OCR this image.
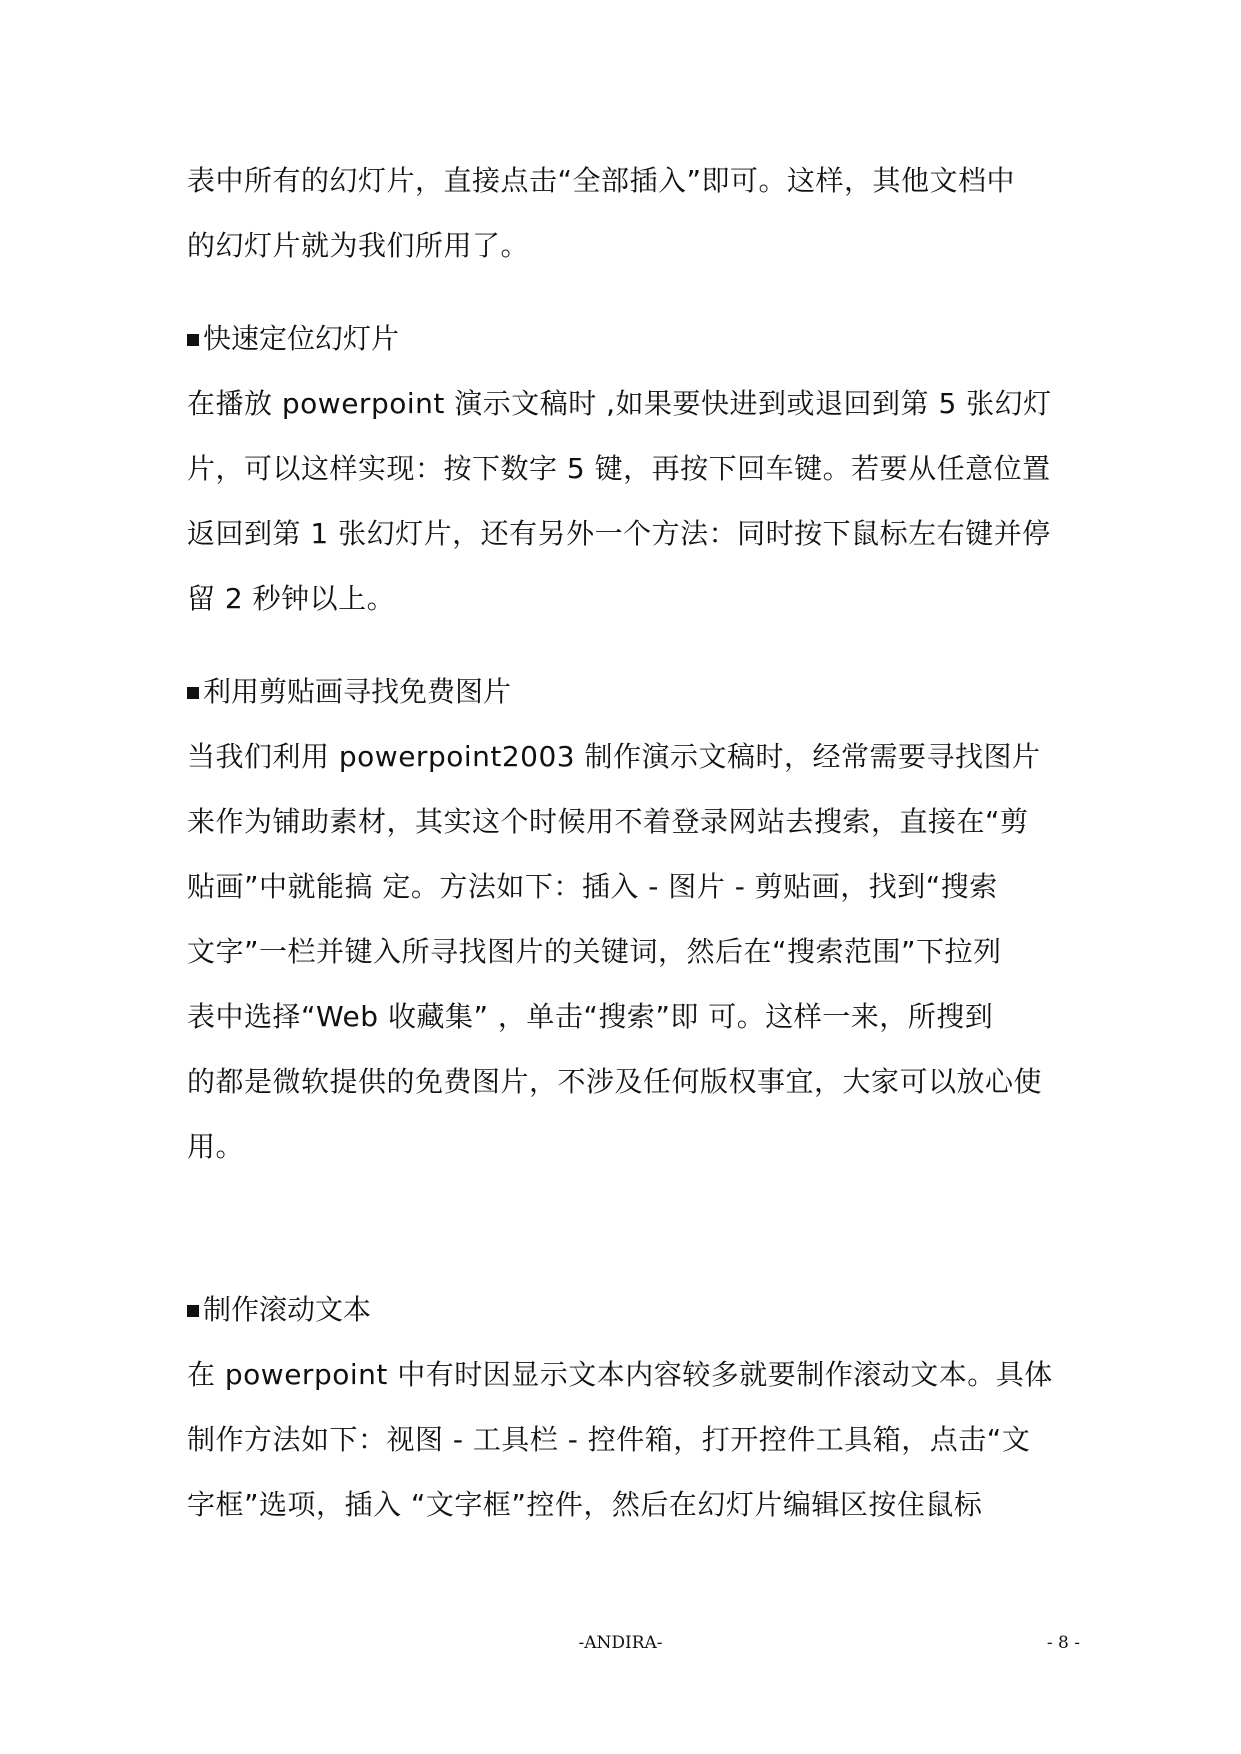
表中所有的幻灯片，直接点击“全部插入”即可。这样，其他文档中
的幻灯片就为我们所用了。
快速定位幻灯片
在播放 powerpoint 演示文稿时 ,如果要快进到或退回到第 5 张幻灯
片，可以这样实现：按下数字 5 键，再按下回车键。若要从任意位置
返回到第 1 张幻灯片，还有另外一个方法：同时按下鼠标左右键并停
留 2 秒钟以上。
利用剪贴画寻找免费图片
当我们利用 powerpoint2003 制作演示文稿时，经常需要寻找图片
来作为铺助素材，其实这个时候用不着登录网站去搜索，直接在“剪
贴画”中就能搞 定。方法如下：插入 - 图片 - 剪贴画，找到“搜索
文字”一栏并键入所寻找图片的关键词，然后在“搜索范围”下拉列
表中选择“Web 收藏集” ，单击“搜索”即 可。这样一来，所搜到
的都是微软提供的免费图片，不涉及任何版权事宜，大家可以放心使
用。
制作滚动文本
在 powerpoint 中有时因显示文本内容较多就要制作滚动文本。具体
制作方法如下：视图 - 工具栏 - 控件箱，打开控件工具箱，点击“文
字框”选项，插入 “文字框”控件，然后在幻灯片编辑区按住鼠标
-ANDIRA-	- 8 -
